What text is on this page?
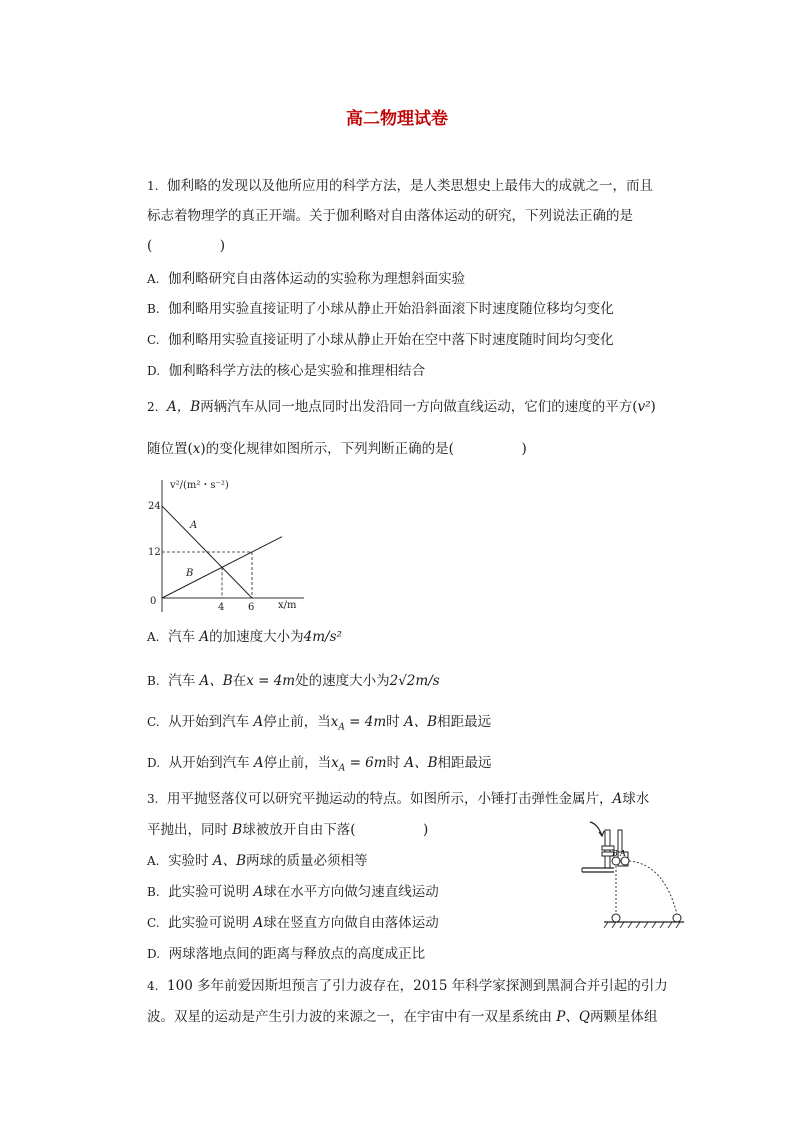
高二物理试卷
1. 伽利略的发现以及他所应用的科学方法，是人类思想史上最伟大的成就之一，而且
标志着物理学的真正开端。关于伽利略对自由落体运动的研究，下列说法正确的是
(　　　　　)
A. 伽利略研究自由落体运动的实验称为理想斜面实验
B. 伽利略用实验直接证明了小球从静止开始沿斜面滚下时速度随位移均匀变化
C. 伽利略用实验直接证明了小球从静止开始在空中落下时速度随时间均匀变化
D. 伽利略科学方法的核心是实验和推理相结合
2. A，B两辆汽车从同一地点同时出发沿同一方向做直线运动，它们的速度的平方(v²)
随位置(x)的变化规律如图所示，下列判断正确的是(　　　　　)
v²/(m²・s⁻²)
x/m
0
24
12
4 6
A
B
A. 汽车 A的加速度大小为4m/s²
B. 汽车 A、B在x = 4m处的速度大小为2√2m/s
C. 从开始到汽车 A停止前，当$x_A = 4m$时 A、B相距最远
D. 从开始到汽车 A停止前，当$x_A = 6m$时 A、B相距最远
3. 用平抛竖落仪可以研究平抛运动的特点。如图所示，小锤打击弹性金属片，A球水
平抛出，同时 B球被放开自由下落(　　　　　)
A. 实验时 A、B两球的质量必须相等
B. 此实验可说明 A球在水平方向做匀速直线运动
C. 此实验可说明 A球在竖直方向做自由落体运动
D. 两球落地点间的距离与释放点的高度成正比
B A
4. 100 多年前爱因斯坦预言了引力波存在，2015 年科学家探测到黑洞合并引起的引力
波。双星的运动是产生引力波的来源之一，在宇宙中有一双星系统由 P、Q两颗星体组
